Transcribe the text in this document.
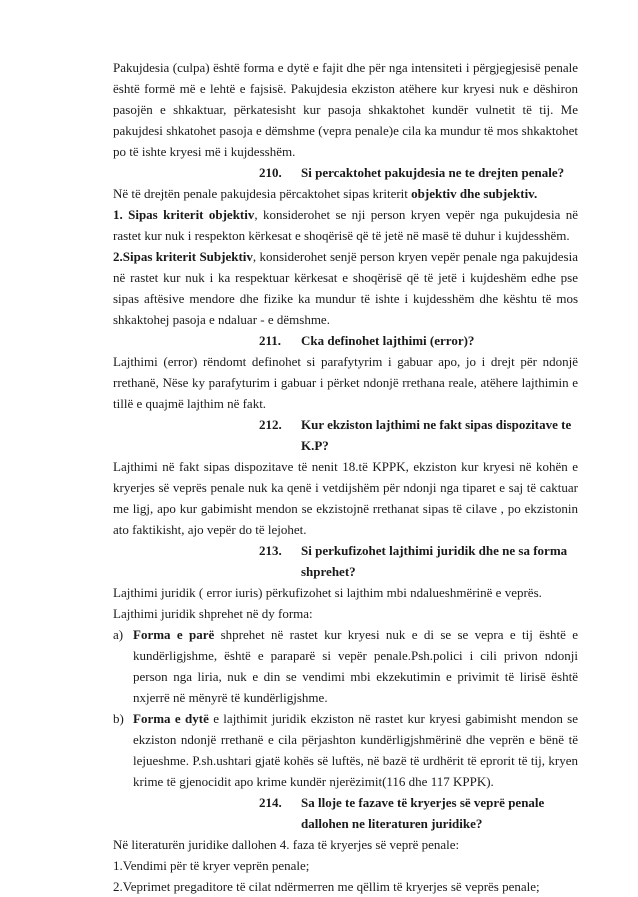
Pakujdesia (culpa) është forma e dytë e fajit dhe për nga intensiteti i përgjegjesisë penale është formë më e lehtë e fajsisë. Pakujdesia ekziston atëhere kur kryesi nuk e dëshiron pasojën e shkaktuar, përkatesisht kur pasoja shkaktohet kundër vulnetit të tij. Me pakujdesi shkatohet pasoja e dëmshme (vepra penale)e cila ka mundur të mos shkaktohet po të ishte kryesi më i kujdesshëm.
210. Si percaktohet pakujdesia ne te drejten penale?
Në të drejtën penale pakujdesia përcaktohet sipas kriterit objektiv dhe subjektiv.
1. Sipas kriterit objektiv, konsiderohet se nji person kryen vepër nga pukujdesia në rastet kur nuk i respekton kërkesat e shoqërisë që të jetë në masë të duhur i kujdesshëm.
2.Sipas kriterit Subjektiv, konsiderohet senjë person kryen vepër penale nga pakujdesia në rastet kur nuk i ka respektuar kërkesat e shoqërisë që të jetë i kujdeshëm edhe pse sipas aftësive mendore dhe fizike ka mundur të ishte i kujdesshëm dhe kështu të mos shkaktohej pasoja e ndaluar - e dëmshme.
211. Cka definohet lajthimi (error)?
Lajthimi (error) rëndomt definohet si parafytyrim i gabuar apo, jo i drejt për ndonjë rrethanë, Nëse ky parafyturim i gabuar i përket ndonjë rrethana reale, atëhere lajthimin e tillë e quajmë lajthim në fakt.
212. Kur ekziston lajthimi ne fakt sipas dispozitave te
K.P?
Lajthimi në fakt sipas dispozitave të nenit 18.të KPPK, ekziston kur kryesi në kohën e kryerjes së veprës penale nuk ka qenë i vetdijshëm për ndonji nga tiparet e saj të caktuar me ligj, apo kur gabimisht mendon se ekzistojnë rrethanat sipas të cilave , po ekzistonin ato faktikisht, ajo vepër do të lejohet.
213. Si perkufizohet lajthimi juridik dhe ne sa forma
shprehet?
Lajthimi juridik ( error iuris) përkufizohet si lajthim mbi ndalueshmërinë e veprës.
Lajthimi juridik shprehet në dy forma:
a) Forma e parë shprehet në rastet kur kryesi nuk e di se se vepra e tij është e kundërligjshme, është e paraparë si vepër penale.Psh.polici i cili privon ndonji person nga liria, nuk e din se vendimi mbi ekzekutimin e privimit të lirisë është nxjerrë në mënyrë të kundërligjshme.
b) Forma e dytë e lajthimit juridik ekziston në rastet kur kryesi gabimisht mendon se ekziston ndonjë rrethanë e cila përjashton kundërligjshmërinë dhe veprën e bënë të lejueshme. P.sh.ushtari gjatë kohës së luftës, në bazë të urdhërit të eprorit të tij, kryen krime të gjenocidit apo krime kundër njerëzimit(116 dhe 117 KPPK).
214. Sa lloje te fazave të kryerjes së veprë penale
dallohen ne literaturen juridike?
Në literaturën juridike dallohen 4. faza të kryerjes së veprë penale:
1.Vendimi për të kryer veprën penale;
2.Veprimet pregaditore të cilat ndërmerren me qëllim të kryerjes së veprës penale;
